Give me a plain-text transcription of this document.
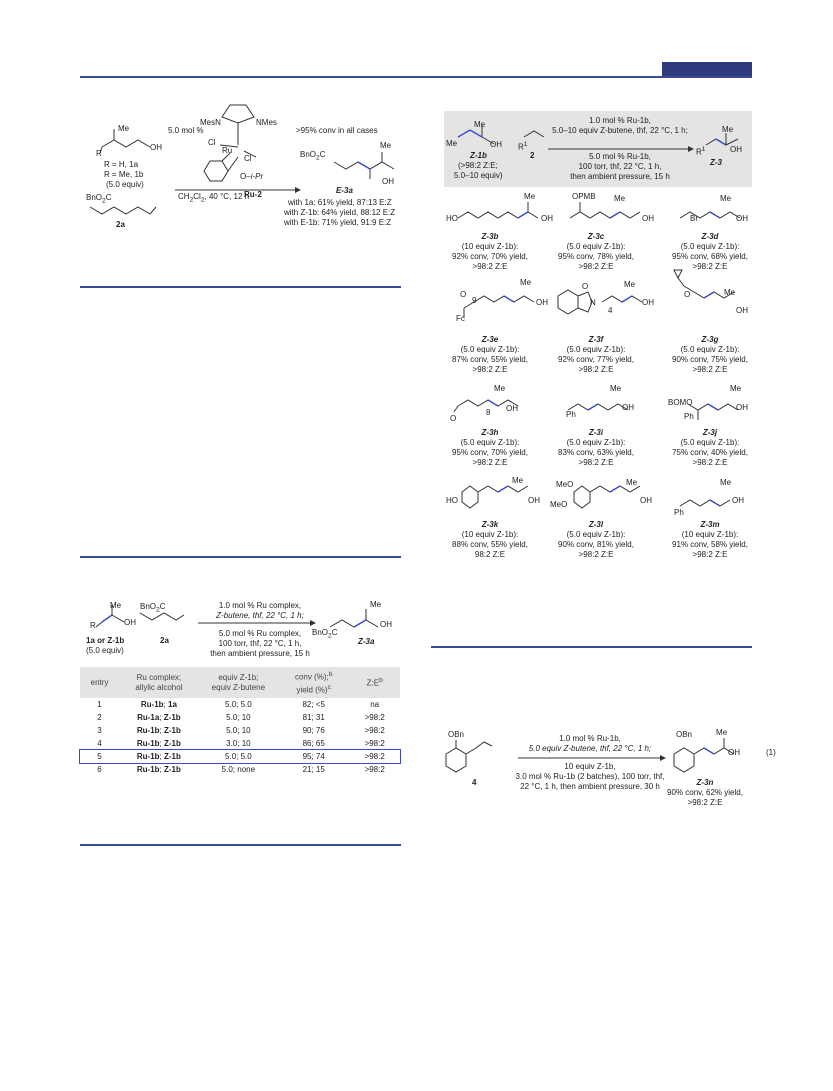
Me
R
OH
R = H, 1a
R = Me, 1b
(5.0 equiv)
BnO$_2$C
2a
5.0 mol %
MesN	NMes
Cl
Ru
Cl
O–i-Pr
Ru-2
$CH_2Cl_2$, 40 °C, 12 h
>95% conv in all cases
Me
OH
BnO$_2$C
E-3a
with 1a: 61% yield, 87:13 E:Z
with Z-1b: 64% yield, 88:12 E:Z
with E-1b: 71% yield, 91:9 E:Z
Me
R	OH
1a or Z-1b
(5.0 equiv)
BnO$_2$C
2a
1.0 mol % Ru complex,
Z-butene, thf, 22 °C, 1 h;
5.0 mol % Ru complex,
100 torr, thf, 22 °C, 1 h,
then ambient pressure, 15 h
Me
OH
BnO$_2$C
Z-3a
entry	Ru complex;
allylic alcohol	equiv Z-1b;
equiv Z-butene	conv (%);$^b$
yield (%)$^c$	$Z:E^b$
1	Ru-1b; 1a	5.0; 5.0	82; <5	na
2	Ru-1a; Z-1b	5.0; 10	81; 31	>98:2
3	Ru-1b; Z-1b	5.0; 10	90; 76	>98:2
4	Ru-1b; Z-1b	3.0; 10	86; 65	>98:2
5	Ru-1b; Z-1b	5.0; 5.0	95; 74	>98:2
6	Ru-1b; Z-1b	5.0; none	21; 15	>98:2
Me
Me	OH
Z-1b
(>98:2 Z:E;
5.0–10 equiv)
$R^1$
2
1.0 mol % Ru-1b,
5.0–10 equiv Z-butene, thf, 22 °C, 1 h;
5.0 mol % Ru-1b,
100 torr, thf, 22 °C, 1 h,
then ambient pressure, 15 h
Me
$R^1$	OH
Z-3
HO
Me
OH
OPMB Me
OH	Br
Me
OH
Fc
O
9
Me
OH	N
O
4
Me
OH
O	Me
OH
O
8
Me
OH
Ph
Me
OH
BOMO
Ph
Me
OH
HO
Me
OH
MeO
MeO
Me
OH
Ph
Me
OH
Z-3b
(10 equiv Z-1b):
92% conv, 70% yield,
>98:2 Z:E
Z-3c
(5.0 equiv Z-1b):
95% conv, 78% yield,
>98:2 Z:E
Z-3d
(5.0 equiv Z-1b):
95% conv, 68% yield,
>98:2 Z:E
Z-3e
(5.0 equiv Z-1b):
87% conv, 55% yield,
>98:2 Z:E
Z-3f
(5.0 equiv Z-1b):
92% conv, 77% yield,
>98:2 Z:E
Z-3g
(5.0 equiv Z-1b):
90% conv, 75% yield,
>98:2 Z:E
Z-3h
(5.0 equiv Z-1b):
95% conv, 70% yield,
>98:2 Z:E
Z-3i
(5.0 equiv Z-1b):
83% conv, 63% yield,
>98:2 Z:E
Z-3j
(5.0 equiv Z-1b):
75% conv, 40% yield,
>98:2 Z:E
Z-3k
(10 equiv Z-1b):
88% conv, 55% yield,
98:2 Z:E
Z-3l
(5.0 equiv Z-1b):
90% conv, 81% yield,
>98:2 Z:E
Z-3m
(10 equiv Z-1b):
91% conv, 58% yield,
>98:2 Z:E
OBn
4
1.0 mol % Ru-1b,
5.0 equiv Z-butene, thf, 22 °C, 1 h;
10 equiv Z-1b,
3.0 mol % Ru-1b (2 batches), 100 torr, thf,
22 °C, 1 h, then ambient pressure, 30 h
OBn	Me
OH	(1)
Z-3n
90% conv, 62% yield,
>98:2 Z:E
